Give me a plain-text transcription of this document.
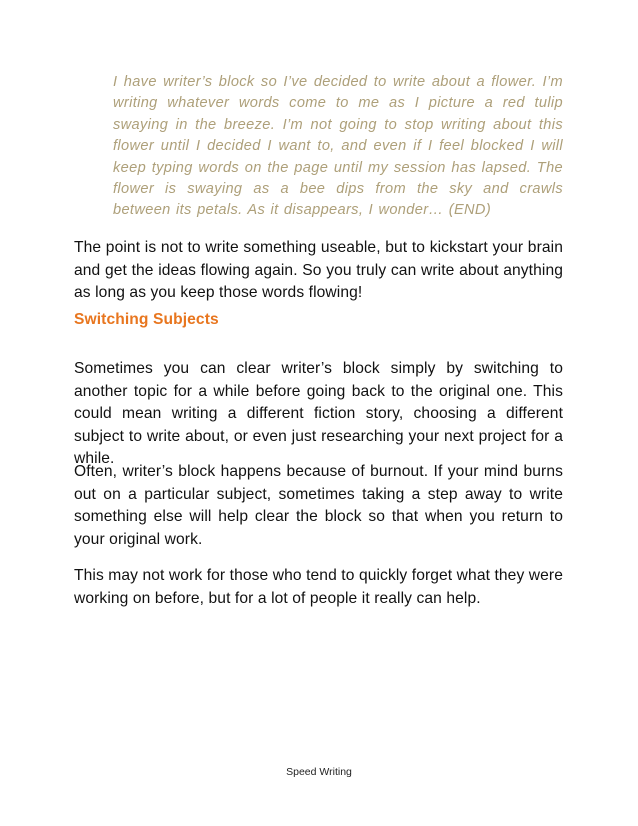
I have writer’s block so I’ve decided to write about a flower. I’m writing whatever words come to me as I picture a red tulip swaying in the breeze. I’m not going to stop writing about this flower until I decided I want to, and even if I feel blocked I will keep typing words on the page until my session has lapsed. The flower is swaying as a bee dips from the sky and crawls between its petals. As it disappears, I wonder… (END)

The point is not to write something useable, but to kickstart your brain and get the ideas flowing again. So you truly can write about anything as long as you keep those words flowing!

Switching Subjects

Sometimes you can clear writer’s block simply by switching to another topic for a while before going back to the original one. This could mean writing a different fiction story, choosing a different subject to write about, or even just researching your next project for a while.

Often, writer’s block happens because of burnout. If your mind burns out on a particular subject, sometimes taking a step away to write something else will help clear the block so that when you return to your original work.

This may not work for those who tend to quickly forget what they were working on before, but for a lot of people it really can help.

Speed Writing
